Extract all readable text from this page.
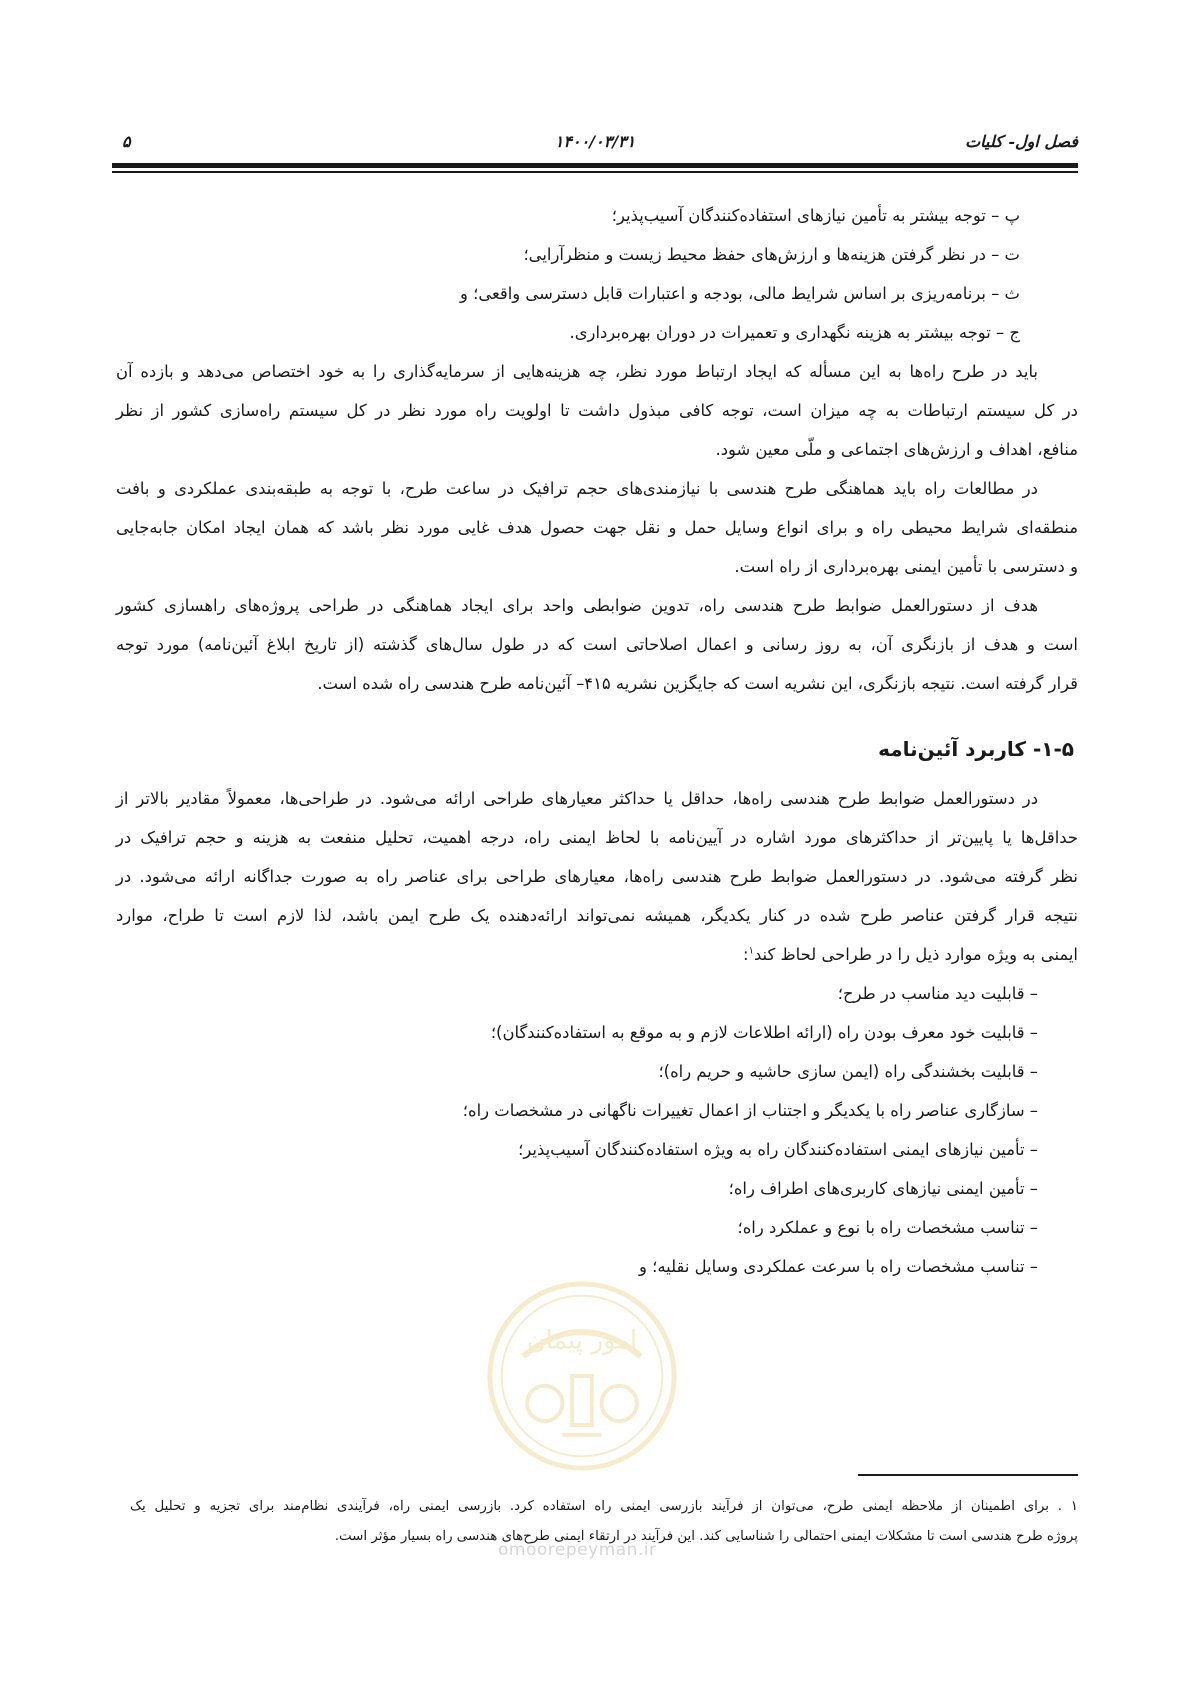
فصل اول- کلیات
۱۴۰۰/۰۳/۳۱
۵
پ – توجه بیشتر به تأمین نیازهای استفاده‌کنندگان آسیب‌پذیر؛
ت – در نظر گرفتن هزینه‌ها و ارزش‌های حفظ محیط زیست و منظرآرایی؛
ث – برنامه‌ریزی بر اساس شرایط مالی، بودجه و اعتبارات قابل دسترسی واقعی؛ و
ج – توجه بیشتر به هزینه نگهداری و تعمیرات در دوران بهره‌برداری.
باید در طرح راه‌ها به این مسأله که ایجاد ارتباط مورد نظر، چه هزینه‌هایی از سرمایه‌گذاری را به خود اختصاص می‌دهد و بازده آن
در کل سیستم ارتباطات به چه میزان است، توجه کافی مبذول داشت تا اولویت راه مورد نظر در کل سیستم راه‌سازی کشور از نظر
منافع، اهداف و ارزش‌های اجتماعی و ملّی معین شود.
در مطالعات راه باید هماهنگی طرح هندسی با نیازمندی‌های حجم ترافیک در ساعت طرح، با توجه به طبقه‌بندی عملکردی و بافت
منطقه‌ای شرایط محیطی راه و برای انواع وسایل حمل و نقل جهت حصول هدف غایی مورد نظر باشد که همان ایجاد امکان جابه‌جایی
و دسترسی با تأمین ایمنی بهره‌برداری از راه است.
هدف از دستورالعمل ضوابط طرح هندسی راه، تدوین ضوابطی واحد برای ایجاد هماهنگی در طراحی پروژه‌های راهسازی کشور
است و هدف از بازنگری آن، به روز رسانی و اعمال اصلاحاتی است که در طول سال‌های گذشته (از تاریخ ابلاغ آئین‌نامه) مورد توجه
قرار گرفته است. نتیجه بازنگری، این نشریه است که جایگزین نشریه ۴۱۵– آئین‌نامه طرح هندسی راه شده است.
۱-۵- کاربرد آئین‌نامه
در دستورالعمل ضوابط طرح هندسی راه‌ها، حداقل یا حداکثر معیارهای طراحی ارائه می‌شود. در طراحی‌ها، معمولاً مقادیر بالاتر از
حداقل‌ها یا پایین‌تر از حداکثرهای مورد اشاره در آیین‌نامه با لحاظ ایمنی راه، درجه اهمیت، تحلیل منفعت به هزینه و حجم ترافیک در
نظر گرفته می‌شود. در دستورالعمل ضوابط طرح هندسی راه‌ها، معیارهای طراحی برای عناصر راه به صورت جداگانه ارائه می‌شود. در
نتیجه قرار گرفتن عناصر طرح شده در کنار یکدیگر، همیشه نمی‌تواند ارائه‌دهنده یک طرح ایمن باشد، لذا لازم است تا طراح، موارد
ایمنی به ویژه موارد ذیل را در طراحی لحاظ کند$^۱$:
– قابلیت دید مناسب در طرح؛
– قابلیت خود معرف بودن راه (ارائه اطلاعات لازم و به موقع به استفاده‌کنندگان)؛
– قابلیت بخشندگی راه (ایمن سازی حاشیه و حریم راه)؛
– سازگاری عناصر راه با یکدیگر و اجتناب از اعمال تغییرات ناگهانی در مشخصات راه؛
– تأمین نیازهای ایمنی استفاده‌کنندگان راه به ویژه استفاده‌کنندگان آسیب‌پذیر؛
– تأمین ایمنی نیازهای کاربری‌های اطراف راه؛
– تناسب مشخصات راه با نوع و عملکرد راه؛
– تناسب مشخصات راه با سرعت عملکردی وسایل نقلیه؛ و
امور پیمان
۱ . برای اطمینان از ملاحظه ایمنی طرح، می‌توان از فرآیند بازرسی ایمنی راه استفاده کرد. بازرسی ایمنی راه، فرآیندی نظام‌مند برای تجزیه و تحلیل یک
پروژه طرح هندسی است تا مشکلات ایمنی احتمالی را شناسایی کند. این فرآیند در ارتقاء ایمنی طرح‌های هندسی راه بسیار مؤثر است.
omoorepeyman.ir
